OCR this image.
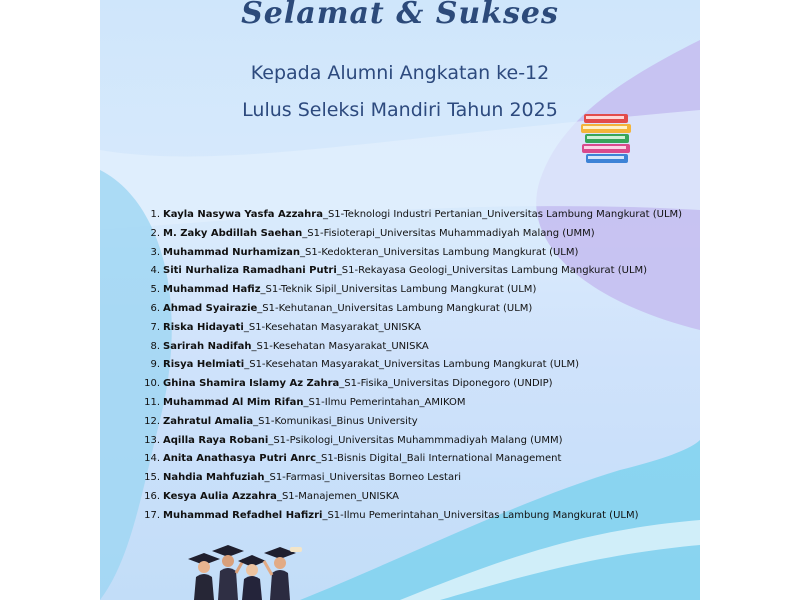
Selamat & Sukses
Kepada Alumni Angkatan ke-12
Lulus Seleksi Mandiri Tahun 2025
1. Kayla Nasywa Yasfa Azzahra_S1-Teknologi Industri Pertanian_Universitas Lambung Mangkurat (ULM)
2. M. Zaky Abdillah Saehan_S1-Fisioterapi_Universitas Muhammadiyah Malang (UMM)
3. Muhammad Nurhamizan_S1-Kedokteran_Universitas Lambung Mangkurat (ULM)
4. Siti Nurhaliza Ramadhani Putri_S1-Rekayasa Geologi_Universitas Lambung Mangkurat (ULM)
5. Muhammad Hafiz_S1-Teknik Sipil_Universitas Lambung Mangkurat (ULM)
6. Ahmad Syairazie_S1-Kehutanan_Universitas Lambung Mangkurat (ULM)
7. Riska Hidayati_S1-Kesehatan Masyarakat_UNISKA
8. Sarirah Nadifah_S1-Kesehatan Masyarakat_UNISKA
9. Risya Helmiati_S1-Kesehatan Masyarakat_Universitas Lambung Mangkurat (ULM)
10. Ghina Shamira Islamy Az Zahra_S1-Fisika_Universitas Diponegoro (UNDIP)
11. Muhammad Al Mim Rifan_S1-Ilmu Pemerintahan_AMIKOM
12. Zahratul Amalia_S1-Komunikasi_Binus University
13. Aqilla Raya Robani_S1-Psikologi_Universitas Muhammmadiyah Malang (UMM)
14. Anita Anathasya Putri Anrc_S1-Bisnis Digital_Bali International Management
15. Nahdia Mahfuziah_S1-Farmasi_Universitas Borneo Lestari
16. Kesya Aulia Azzahra_S1-Manajemen_UNISKA
17. Muhammad Refadhel Hafizri_S1-Ilmu Pemerintahan_Universitas Lambung Mangkurat (ULM)
